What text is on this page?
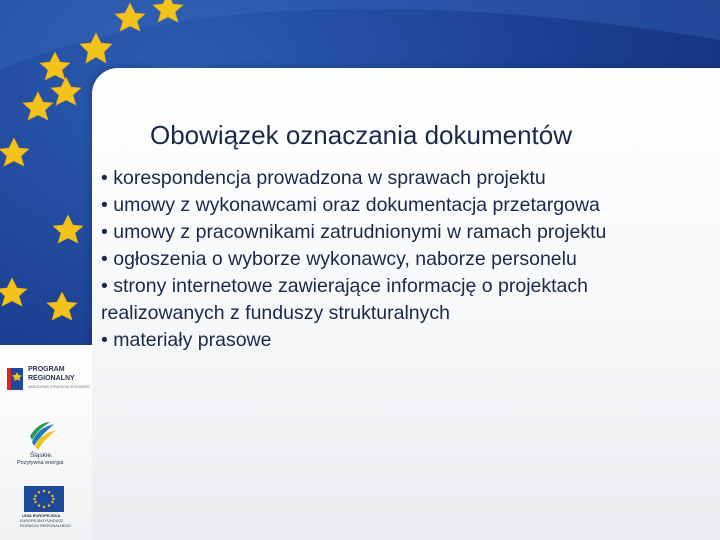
Obowiązek oznaczania dokumentów
• korespondencja prowadzona w sprawach projektu
• umowy z wykonawcami oraz dokumentacja przetargowa
• umowy z pracownikami zatrudnionymi w ramach projektu
• ogłoszenia o wyborze wykonawcy, naborze personelu
• strony internetowe zawierające informację o projektach realizowanych z funduszy strukturalnych
• materiały prasowe
PROGRAM
REGIONALNY
NARODOWA STRATEGIA SPÓJNOŚCI
Śląskie.
Pozytywna energia
UNIA EUROPEJSKA
EUROPEJSKI FUNDUSZ
ROZWOJU REGIONALNEGO
